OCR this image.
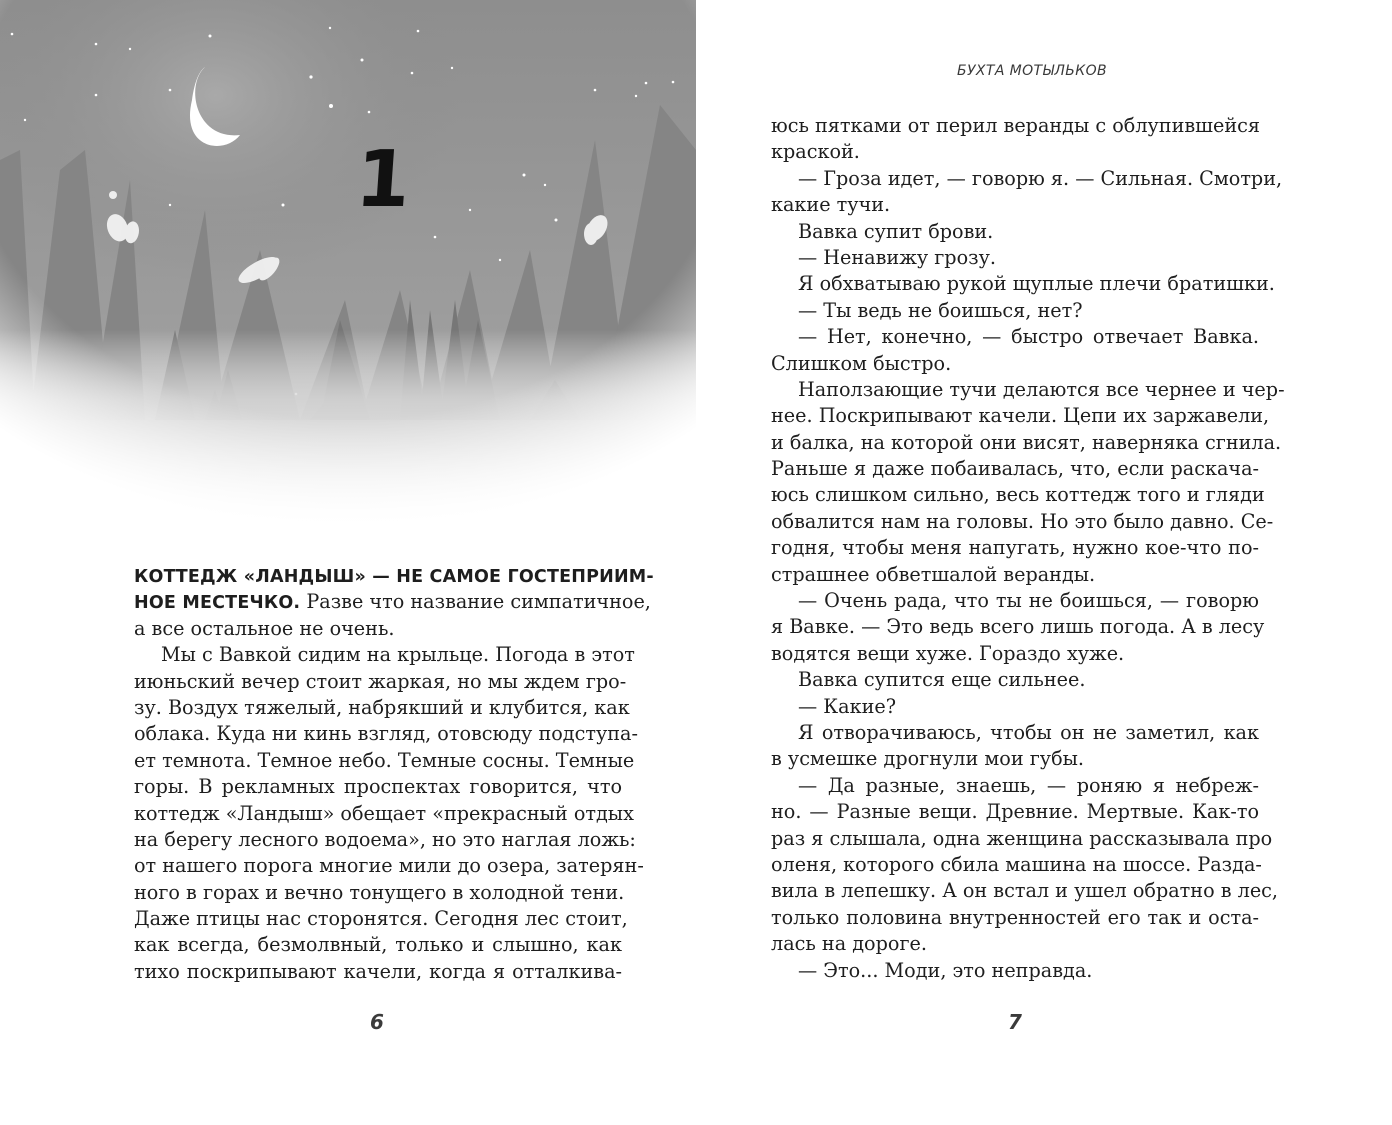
1
КОТТЕДЖ «ЛАНДЫШ» — НЕ САМОЕ ГОСТЕПРИИМ-
НОЕ МЕСТЕЧКО. Разве что название симпатичное,
а все остальное не очень.
Мы с Вавкой сидим на крыльце. Погода в этот
июньский вечер стоит жаркая, но мы ждем гро-
зу. Воздух тяжелый, набрякший и клубится, как
облака. Куда ни кинь взгляд, отовсюду подступа-
ет темнота. Темное небо. Темные сосны. Темные
горы. В рекламных проспектах говорится, что
коттедж «Ландыш» обещает «прекрасный отдых
на берегу лесного водоема», но это наглая ложь:
от нашего порога многие мили до озера, затерян-
ного в горах и вечно тонущего в холодной тени.
Даже птицы нас сторонятся. Сегодня лес стоит,
как всегда, безмолвный, только и слышно, как
тихо поскрипывают качели, когда я отталкива-
6
БУХТА МОТЫЛЬКОВ
юсь пятками от перил веранды с облупившейся
краской.
— Гроза идет, — говорю я. — Сильная. Смотри,
какие тучи.
Вавка супит брови.
— Ненавижу грозу.
Я обхватываю рукой щуплые плечи братишки.
— Ты ведь не боишься, нет?
— Нет, конечно, — быстро отвечает Вавка.
Слишком быстро.
Наползающие тучи делаются все чернее и чер-
нее. Поскрипывают качели. Цепи их заржавели,
и балка, на которой они висят, наверняка сгнила.
Раньше я даже побаивалась, что, если раскача-
юсь слишком сильно, весь коттедж того и гляди
обвалится нам на головы. Но это было давно. Се-
годня, чтобы меня напугать, нужно кое-что по-
страшнее обветшалой веранды.
— Очень рада, что ты не боишься, — говорю
я Вавке. — Это ведь всего лишь погода. А в лесу
водятся вещи хуже. Гораздо хуже.
Вавка супится еще сильнее.
— Какие?
Я отворачиваюсь, чтобы он не заметил, как
в усмешке дрогнули мои губы.
— Да разные, знаешь, — роняю я небреж-
но. — Разные вещи. Древние. Мертвые. Как-то
раз я слышала, одна женщина рассказывала про
оленя, которого сбила машина на шоссе. Разда-
вила в лепешку. А он встал и ушел обратно в лес,
только половина внутренностей его так и оста-
лась на дороге.
— Это... Моди, это неправда.
7
